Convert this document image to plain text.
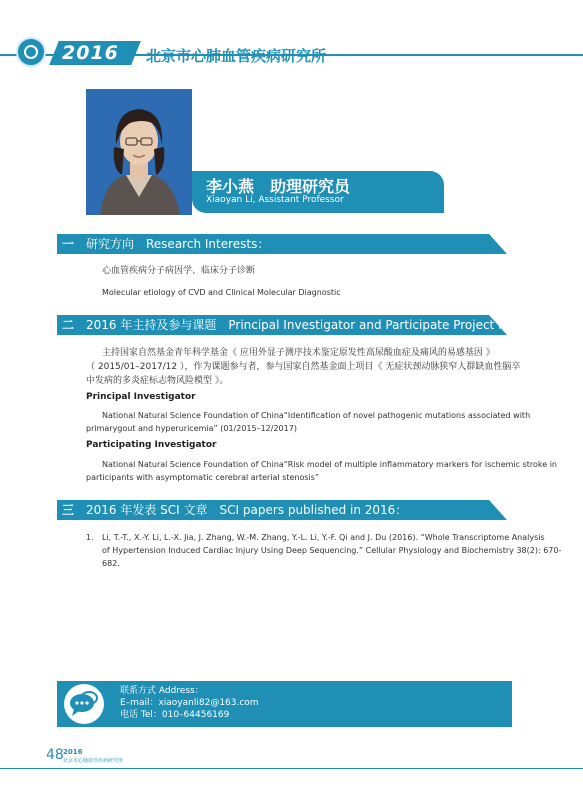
2016	北京市心肺血管疾病研究所
李小燕　助理研究员
Xiaoyan Li, Assistant Professor
一 研究方向　Research Interests：
心血管疾病分子病因学、临床分子诊断
Molecular etiology of CVD and Clinical Molecular Diagnostic
二 2016 年主持及参与课题　Principal Investigator and Participate Project in 2016：
主持国家自然基金青年科学基金《 应用外显子测序技术鉴定原发性高尿酸血症及痛风的易感基因 》
（ 2015/01–2017/12 ），作为课题参与者，参与国家自然基金面上项目《 无症状颈动脉狭窄人群缺血性脑卒
中发病的多炎症标志物风险模型 》。
Principal Investigator
National Natural Science Foundation of China“Identification of novel pathogenic mutations associated with
primarygout and hyperuricemia” (01/2015–12/2017)
Participating Investigator
National Natural Science Foundation of China“Risk model of multiple inflammatory markers for ischemic stroke in
participants with asymptomatic cerebral arterial stenosis”
三 2016 年发表 SCI 文章　SCI papers published in 2016：
1. Li, T.-T., X.-Y. Li, L.-X. Jia, J. Zhang, W.-M. Zhang, Y.-L. Li, Y.-F. Qi and J. Du (2016). “Whole Transcriptome Analysis
of Hypertension Induced Cardiac Injury Using Deep Sequencing.” Cellular Physiology and Biochemistry 38(2): 670-
682.
联系方式 Address：
E–mail：xiaoyanli82@163.com
电话 Tel：010–64456169
48 2016
北京市心肺血管疾病研究所
